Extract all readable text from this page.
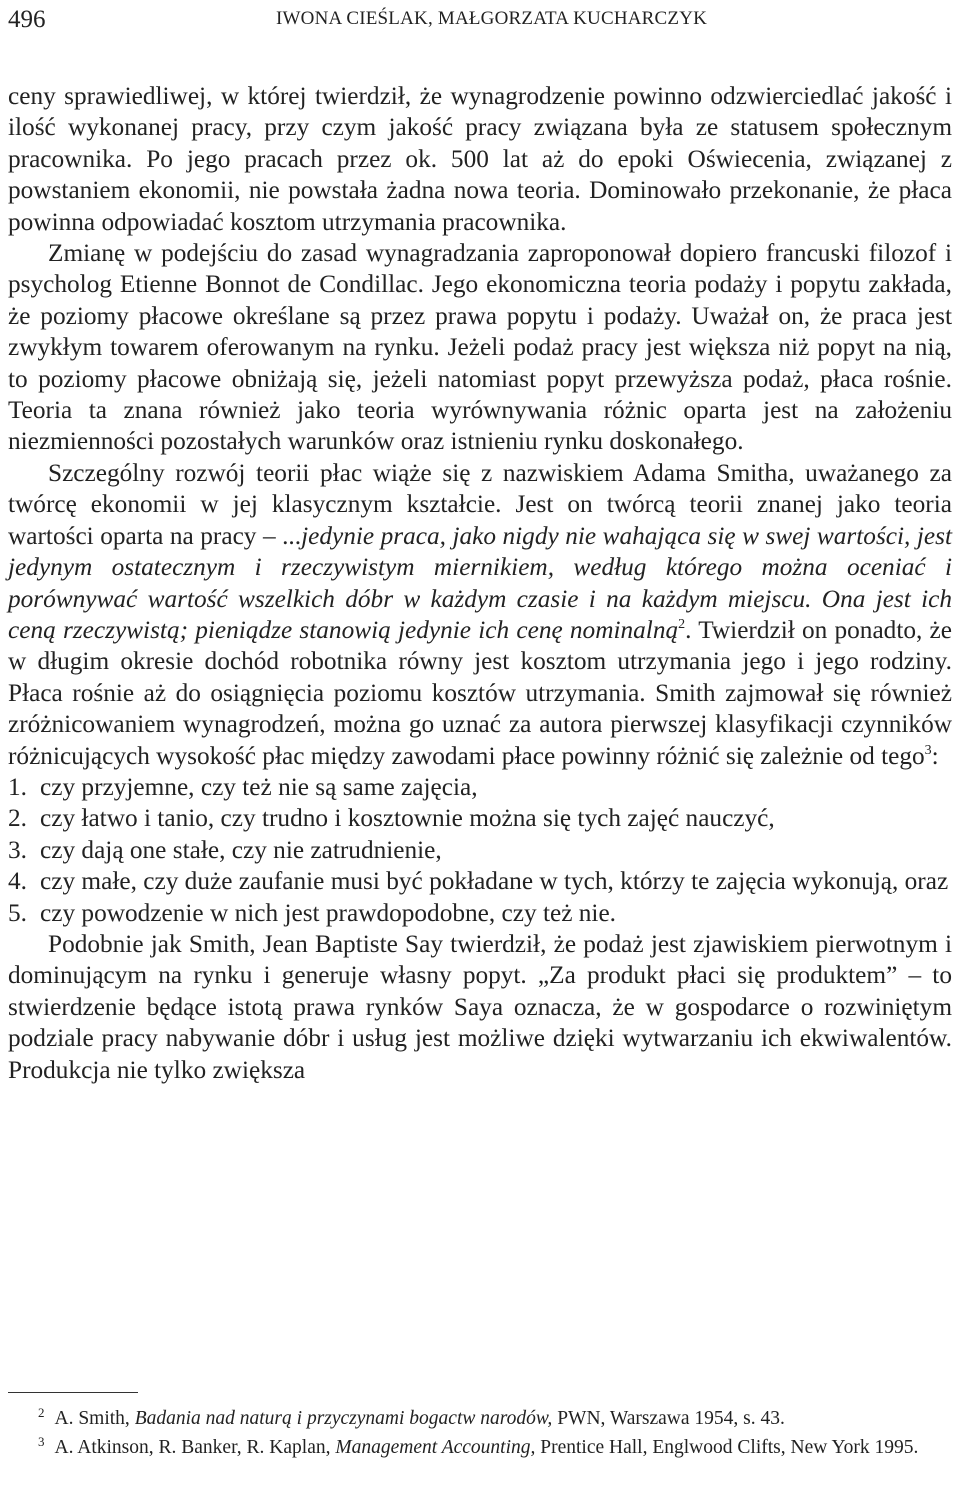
496	IWONA CIEŚLAK, MAŁGORZATA KUCHARCZYK

ceny sprawiedliwej, w której twierdził, że wynagrodzenie powinno odzwierciedlać jakość i ilość wykonanej pracy, przy czym jakość pracy związana była ze statusem społecznym pracownika. Po jego pracach przez ok. 500 lat aż do epoki Oświecenia, związanej z powstaniem ekonomii, nie powstała żadna nowa teoria. Dominowało przekonanie, że płaca powinna odpowiadać kosztom utrzymania pracownika.

Zmianę w podejściu do zasad wynagradzania zaproponował dopiero francuski filozof i psycholog Etienne Bonnot de Condillac. Jego ekonomiczna teoria podaży i popytu zakłada, że poziomy płacowe określane są przez prawa popytu i podaży. Uważał on, że praca jest zwykłym towarem oferowanym na rynku. Jeżeli podaż pracy jest większa niż popyt na nią, to poziomy płacowe obniżają się, jeżeli natomiast popyt przewyższa podaż, płaca rośnie. Teoria ta znana również jako teoria wyrównywania różnic oparta jest na założeniu niezmienności pozostałych warunków oraz istnieniu rynku doskonałego.

Szczególny rozwój teorii płac wiąże się z nazwiskiem Adama Smitha, uważanego za twórcę ekonomii w jej klasycznym kształcie. Jest on twórcą teorii znanej jako teoria wartości oparta na pracy – ...jedynie praca, jako nigdy nie wahająca się w swej wartości, jest jedynym ostatecznym i rzeczywistym miernikiem, według którego można oceniać i porównywać wartość wszelkich dóbr w każdym czasie i na każdym miejscu. Ona jest ich ceną rzeczywistą; pieniądze stanowią jedynie ich cenę nominalną$^2$. Twierdził on ponadto, że w długim okresie dochód robotnika równy jest kosztom utrzymania jego i jego rodziny. Płaca rośnie aż do osiągnięcia poziomu kosztów utrzymania. Smith zajmował się również zróżnicowaniem wynagrodzeń, można go uznać za autora pierwszej klasyfikacji czynników różnicujących wysokość płac między zawodami płace powinny różnić się zależnie od tego$^3$:

1. czy przyjemne, czy też nie są same zajęcia,
2. czy łatwo i tanio, czy trudno i kosztownie można się tych zajęć nauczyć,
3. czy dają one stałe, czy nie zatrudnienie,
4. czy małe, czy duże zaufanie musi być pokładane w tych, którzy te zajęcia wykonują, oraz
5. czy powodzenie w nich jest prawdopodobne, czy też nie.

Podobnie jak Smith, Jean Baptiste Say twierdził, że podaż jest zjawiskiem pierwotnym i dominującym na rynku i generuje własny popyt. „Za produkt płaci się produktem” – to stwierdzenie będące istotą prawa rynków Saya oznacza, że w gospodarce o rozwiniętym podziale pracy nabywanie dóbr i usług jest możliwe dzięki wytwarzaniu ich ekwiwalentów. Produkcja nie tylko zwiększa

$^2$ A. Smith, Badania nad naturą i przyczynami bogactw narodów, PWN, Warszawa 1954, s. 43.

$^3$ A. Atkinson, R. Banker, R. Kaplan, Management Accounting, Prentice Hall, Englwood Clifts, New York 1995.
